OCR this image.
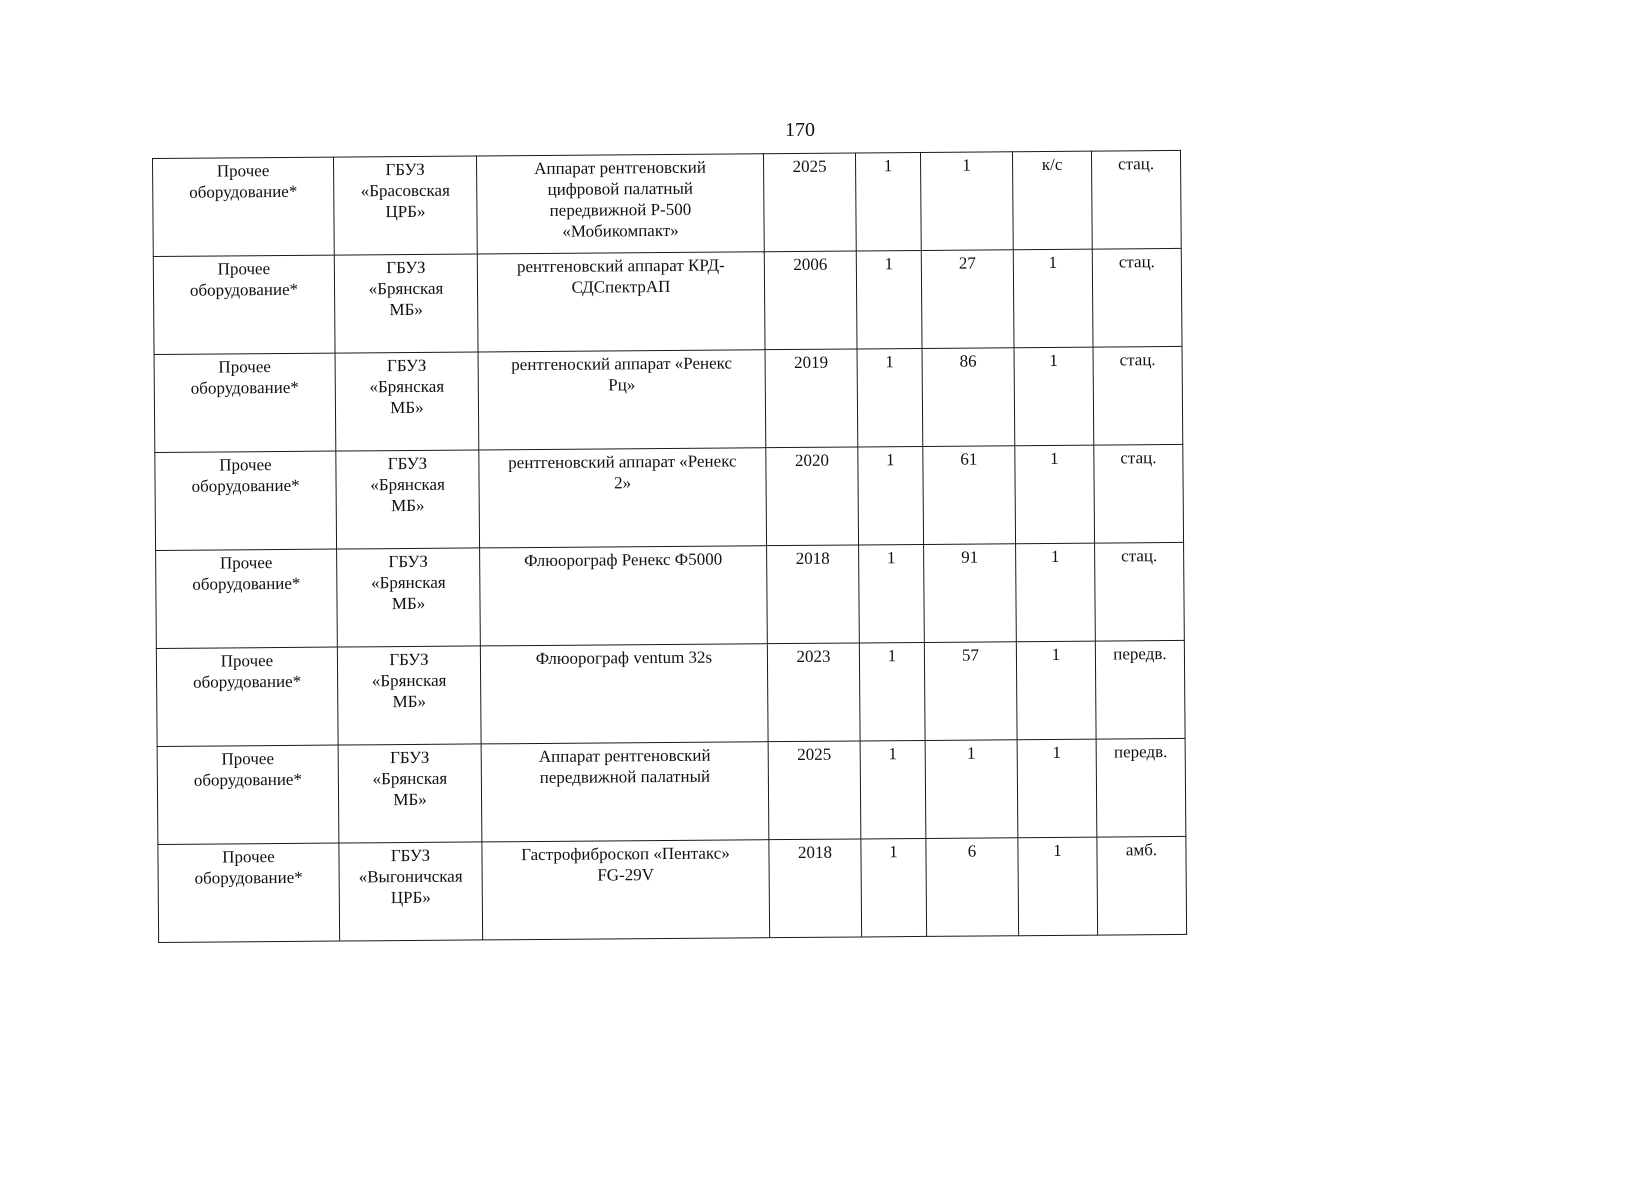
170
Прочее
оборудование*	ГБУЗ
«Брасовская
ЦРБ»	Аппарат рентгеновский
цифровой палатный
передвижной Р-500
«Мобикомпакт»	2025	1	1	к/с	стац.
Прочее
оборудование*	ГБУЗ
«Брянская
МБ»	рентгеновский аппарат КРД-
СДСпектрАП	2006	1	27	1	стац.
Прочее
оборудование*	ГБУЗ
«Брянская
МБ»	рентгеноский аппарат «Ренекс
Рц»	2019	1	86	1	стац.
Прочее
оборудование*	ГБУЗ
«Брянская
МБ»	рентгеновский аппарат «Ренекс
2»	2020	1	61	1	стац.
Прочее
оборудование*	ГБУЗ
«Брянская
МБ»	Флюорограф Ренекс Ф5000	2018	1	91	1	стац.
Прочее
оборудование*	ГБУЗ
«Брянская
МБ»	Флюорограф ventum 32s	2023	1	57	1	передв.
Прочее
оборудование*	ГБУЗ
«Брянская
МБ»	Аппарат рентгеновский
передвижной палатный	2025	1	1	1	передв.
Прочее
оборудование*	ГБУЗ
«Выгоничская
ЦРБ»	Гастрофиброскоп «Пентакс»
FG-29V	2018	1	6	1	амб.
